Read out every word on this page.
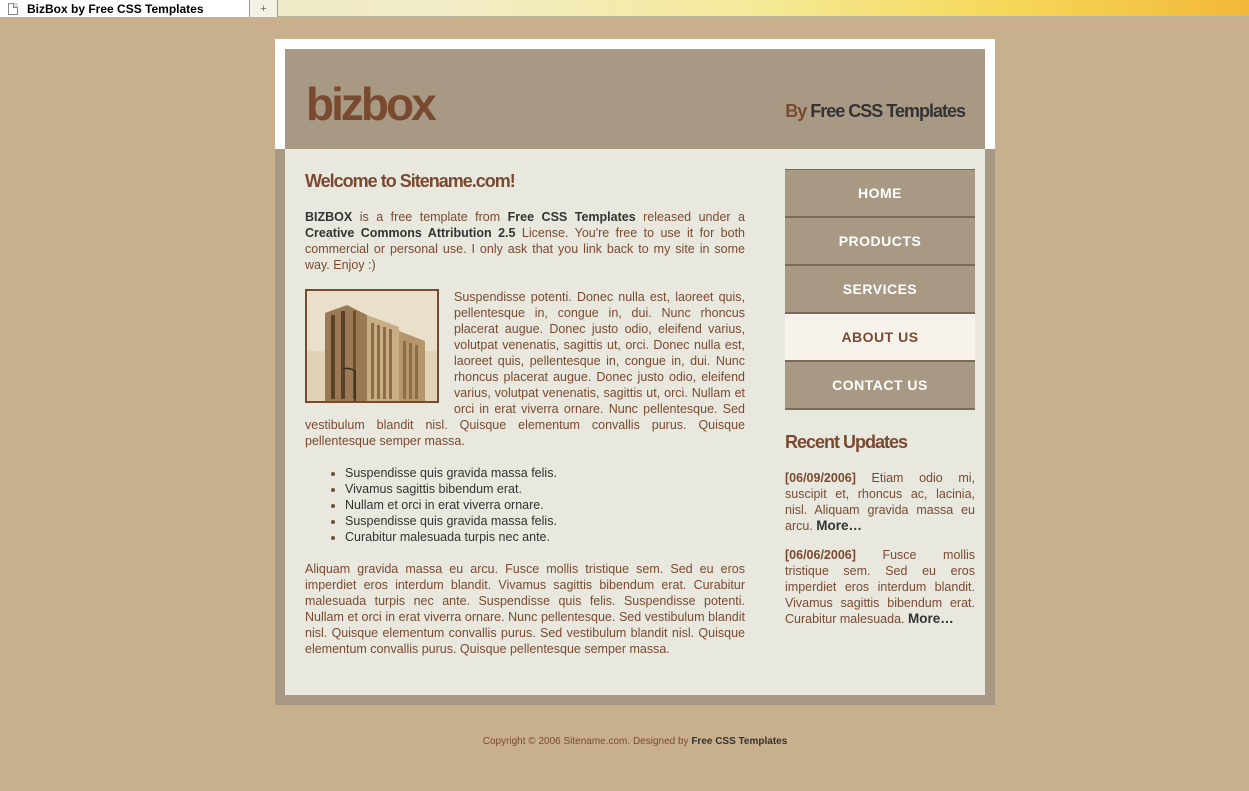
BizBox by Free CSS Templates	+
bizbox	By Free CSS Templates
Welcome to Sitename.com!

BIZBOX is a free template from Free CSS Templates released under a Creative Commons Attribution 2.5 License. You're free to use it for both commercial or personal use. I only ask that you link back to my site in some way. Enjoy :)

Suspendisse potenti. Donec nulla est, laoreet quis, pellentesque in, congue in, dui. Nunc rhoncus placerat augue. Donec justo odio, eleifend varius, volutpat venenatis, sagittis ut, orci. Donec nulla est, laoreet quis, pellentesque in, congue in, dui. Nunc rhoncus placerat augue. Donec justo odio, eleifend varius, volutpat venenatis, sagittis ut, orci. Nullam et orci in erat viverra ornare. Nunc pellentesque. Sed vestibulum blandit nisl. Quisque elementum convallis purus. Quisque pellentesque semper massa.

• Suspendisse quis gravida massa felis.
• Vivamus sagittis bibendum erat.
• Nullam et orci in erat viverra ornare.
• Suspendisse quis gravida massa felis.
• Curabitur malesuada turpis nec ante.

Aliquam gravida massa eu arcu. Fusce mollis tristique sem. Sed eu eros imperdiet eros interdum blandit. Vivamus sagittis bibendum erat. Curabitur malesuada turpis nec ante. Suspendisse quis felis. Suspendisse potenti. Nullam et orci in erat viverra ornare. Nunc pellentesque. Sed vestibulum blandit nisl. Quisque elementum convallis purus. Sed vestibulum blandit nisl. Quisque elementum convallis purus. Quisque pellentesque semper massa.

HOME
PRODUCTS
SERVICES
ABOUT US
CONTACT US
Recent Updates

[06/09/2006] Etiam odio mi, suscipit et, rhoncus ac, lacinia, nisl. Aliquam gravida massa eu arcu. More…

[06/06/2006] Fusce mollis tristique sem. Sed eu eros imperdiet eros interdum blandit. Vivamus sagittis bibendum erat. Curabitur malesuada. More…

Copyright © 2006 Sitename.com. Designed by Free CSS Templates
